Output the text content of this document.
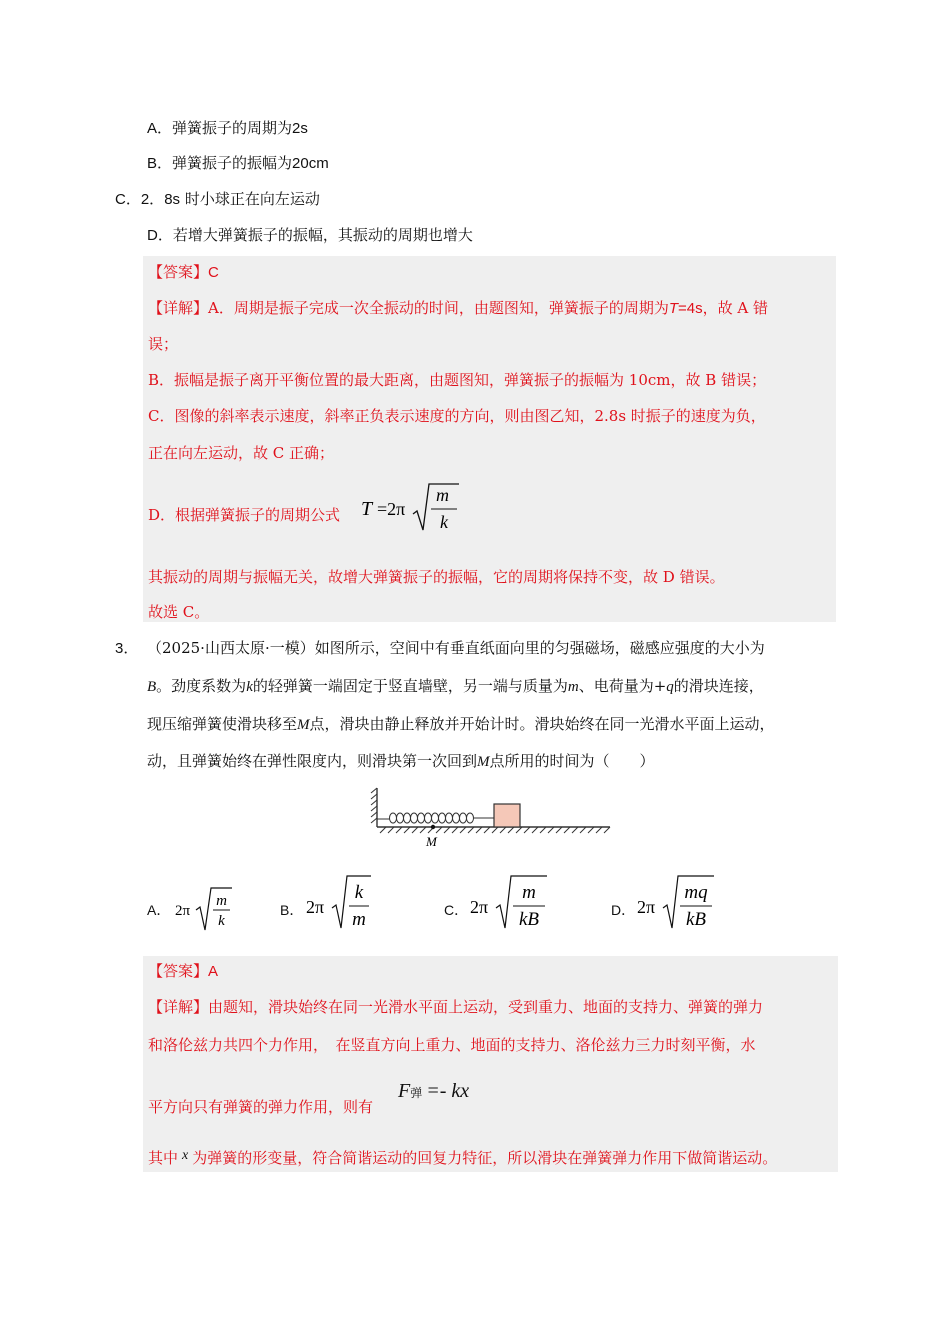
A．弹簧振子的周期为2s
B．弹簧振子的振幅为20cm
C．2．8s 时小球正在向左运动
D．若增大弹簧振子的振幅，其振动的周期也增大
【答案】C
【详解】A．周期是振子完成一次全振动的时间，由题图知，弹簧振子的周期为T=4s，故 A 错
误；
B．振幅是振子离开平衡位置的最大距离，由题图知，弹簧振子的振幅为 10cm，故 B 错误；
C．图像的斜率表示速度，斜率正负表示速度的方向，则由图乙知，2.8s 时振子的速度为负，
正在向左运动，故 C 正确；
D．根据弹簧振子的周期公式 T =2π
m
k
其振动的周期与振幅无关，故增大弹簧振子的振幅，它的周期将保持不变，故 D 错误。
故选 C。
3． （2025·山西太原·一模）如图所示，空间中有垂直纸面向里的匀强磁场，磁感应强度的大小为
B。劲度系数为k的轻弹簧一端固定于竖直墙壁，另一端与质量为m、电荷量为+q的滑块连接，
现压缩弹簧使滑块移至M点，滑块由静止释放并开始计时。滑块始终在同一光滑水平面上运动，
动，且弹簧始终在弹性限度内，则滑块第一次回到M点所用的时间为（　　）
M
A． 2π
m
k
B． 2π
k
m	C． 2π
m
kB	D． 2π
mq
kB
【答案】A
【详解】由题知，滑块始终在同一光滑水平面上运动，受到重力、地面的支持力、弹簧的弹力
和洛伦兹力共四个力作用，　在竖直方向上重力、地面的支持力、洛伦兹力三力时刻平衡，水
平方向只有弹簧的弹力作用，则有
F弹 =- kx
其中 x 为弹簧的形变量，符合简谐运动的回复力特征，所以滑块在弹簧弹力作用下做简谐运动。
